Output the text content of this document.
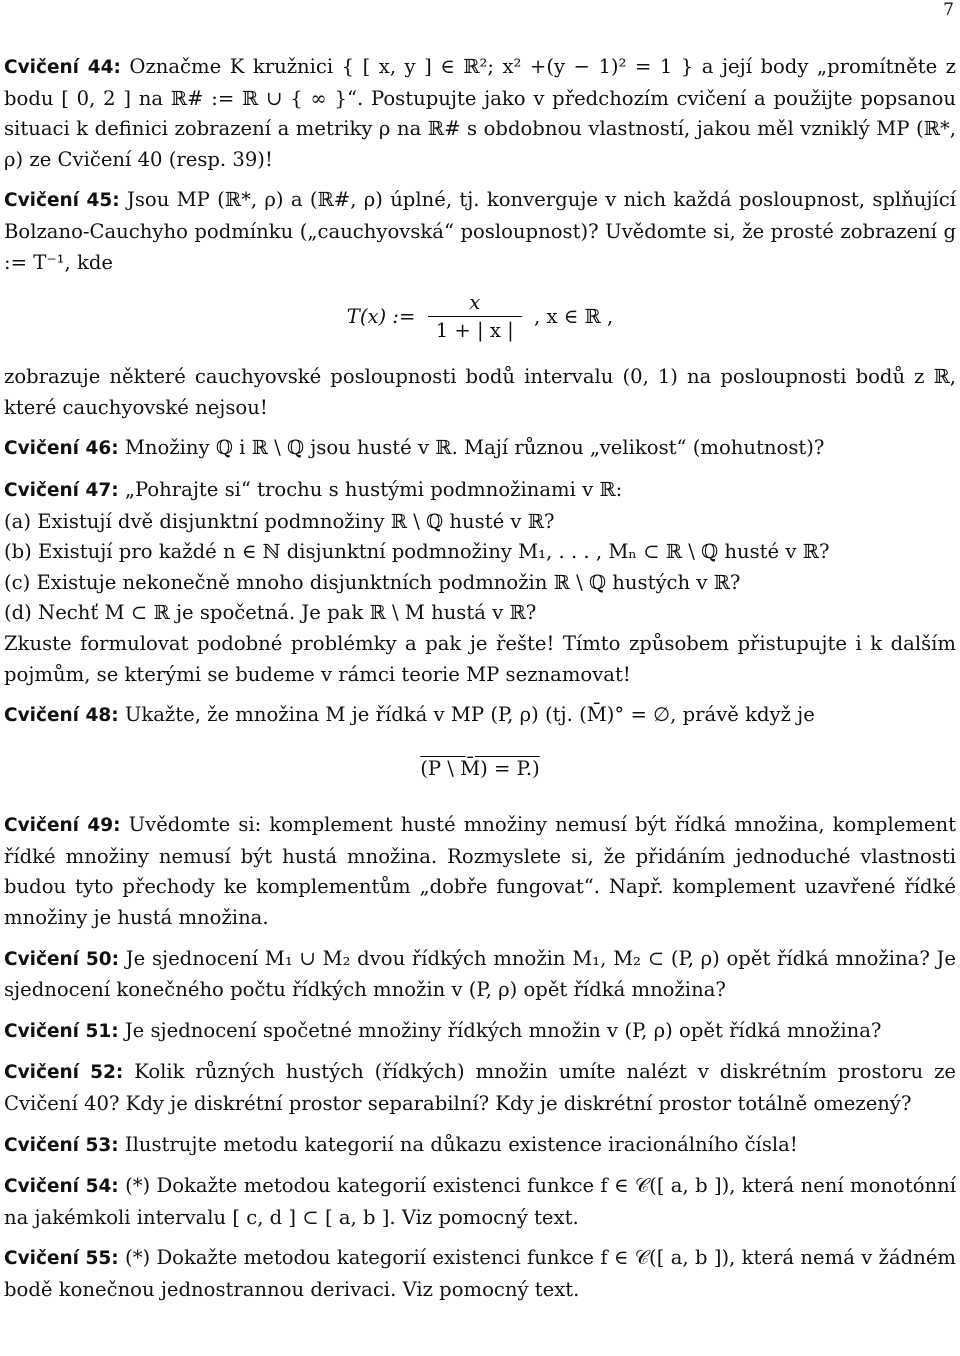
7

Cvičení 44: Označme K kružnici { [ x, y ] ∈ ℝ²; x² +(y − 1)² = 1 } a její body „promítněte z bodu [ 0, 2 ] na ℝ# := ℝ ∪ { ∞ }“. Postupujte jako v předchozím cvičení a použijte popsanou situaci k definici zobrazení a metriky ρ na ℝ# s obdobnou vlastností, jakou měl vzniklý MP (ℝ*, ρ) ze Cvičení 40 (resp. 39)!

Cvičení 45: Jsou MP (ℝ*, ρ) a (ℝ#, ρ) úplné, tj. konverguje v nich každá posloupnost, splňující Bolzano-Cauchyho podmínku („cauchyovská“ posloupnost)? Uvědomte si, že prosté zobrazení g := T⁻¹, kde

T(x) := $\frac{x}{1 + | x |}$ , x ∈ ℝ ,

zobrazuje některé cauchyovské posloupnosti bodů intervalu (0, 1) na posloupnosti bodů z ℝ, které cauchyovské nejsou!

Cvičení 46: Množiny ℚ i ℝ \ ℚ jsou husté v ℝ. Mají různou „velikost“ (mohutnost)?

Cvičení 47: „Pohrajte si“ trochu s hustými podmnožinami v ℝ:

(a) Existují dvě disjunktní podmnožiny ℝ \ ℚ husté v ℝ?

(b) Existují pro každé n ∈ ℕ disjunktní podmnožiny M₁, . . . , Mₙ ⊂ ℝ \ ℚ husté v ℝ?

(c) Existuje nekonečně mnoho disjunktních podmnožin ℝ \ ℚ hustých v ℝ?

(d) Nechť M ⊂ ℝ je spočetná. Je pak ℝ \ M hustá v ℝ?

Zkuste formulovat podobné problémky a pak je řešte! Tímto způsobem přistupujte i k dalším pojmům, se kterými se budeme v rámci teorie MP seznamovat!

Cvičení 48: Ukažte, že množina M je řídká v MP (P, ρ) (tj. (M̄)° = ∅, právě když je

(P \ M̄) = P.)

Cvičení 49: Uvědomte si: komplement husté množiny nemusí být řídká množina, komplement řídké množiny nemusí být hustá množina. Rozmyslete si, že přidáním jednoduché vlastnosti budou tyto přechody ke komplementům „dobře fungovat“. Např. komplement uzavřené řídké množiny je hustá množina.

Cvičení 50: Je sjednocení M₁ ∪ M₂ dvou řídkých množin M₁, M₂ ⊂ (P, ρ) opět řídká množina? Je sjednocení konečného počtu řídkých množin v (P, ρ) opět řídká množina?

Cvičení 51: Je sjednocení spočetné množiny řídkých množin v (P, ρ) opět řídká množina?

Cvičení 52: Kolik různých hustých (řídkých) množin umíte nalézt v diskrétním prostoru ze Cvičení 40? Kdy je diskrétní prostor separabilní? Kdy je diskrétní prostor totálně omezený?

Cvičení 53: Ilustrujte metodu kategorií na důkazu existence iracionálního čísla!

Cvičení 54: (*) Dokažte metodou kategorií existenci funkce f ∈ 𝒞([ a, b ]), která není monotónní na jakémkoli intervalu [ c, d ] ⊂ [ a, b ]. Viz pomocný text.

Cvičení 55: (*) Dokažte metodou kategorií existenci funkce f ∈ 𝒞([ a, b ]), která nemá v žádném bodě konečnou jednostrannou derivaci. Viz pomocný text.
